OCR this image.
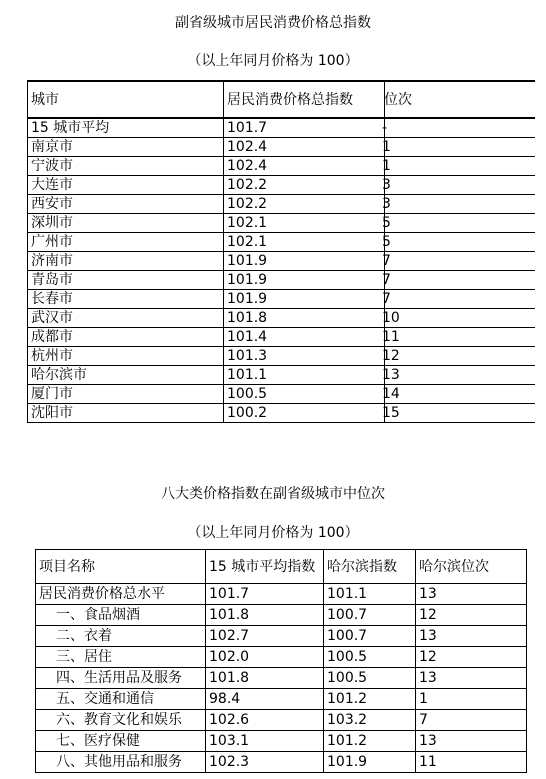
副省级城市居民消费价格总指数
（以上年同月价格为 100）
城市	居民消费价格总指数	位次
15 城市平均	101.7	-
南京市	102.4	1
宁波市	102.4	1
大连市	102.2	3
西安市	102.2	3
深圳市	102.1	5
广州市	102.1	5
济南市	101.9	7
青岛市	101.9	7
长春市	101.9	7
武汉市	101.8	10
成都市	101.4	11
杭州市	101.3	12
哈尔滨市	101.1	13
厦门市	100.5	14
沈阳市	100.2	15
八大类价格指数在副省级城市中位次
（以上年同月价格为 100）
项目名称	15 城市平均指数	哈尔滨指数	哈尔滨位次
居民消费价格总水平	101.7	101.1	13
一、食品烟酒	101.8	100.7	12
二、衣着	102.7	100.7	13
三、居住	102.0	100.5	12
四、生活用品及服务	101.8	100.5	13
五、交通和通信	98.4	101.2	1
六、教育文化和娱乐	102.6	103.2	7
七、医疗保健	103.1	101.2	13
八、其他用品和服务	102.3	101.9	11
